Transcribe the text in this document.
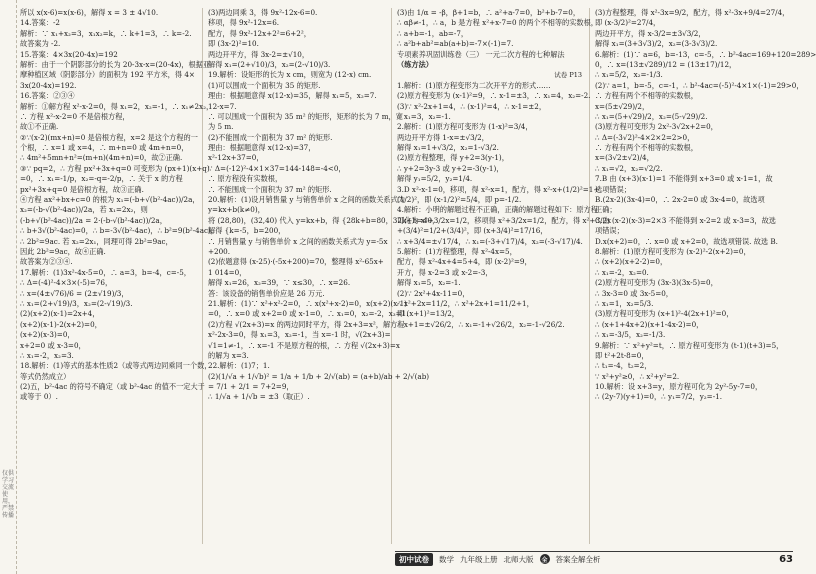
仅供学习交流使用，严禁传播
所以 x(x-6)=x(x-6)，解得 x = 3 ± 4√10.
14.答案：-2
解析：∵ x₁+x₂=3，x₁x₂=k，∴ k+1=3，∴ k=-2.
故答案为 -2.
15.答案：4×3x(20-4x)=192
解析：由于一个阴影部分的长为 20-3x-x=(20-4x)，根据亚
摩种植区域（阴影部分）的面积为 192 平方米，得 4×
3x(20-4x)=192.
16.答案：②③④
解析：①解方程 x²-x-2=0，得 x₁=2，x₂=-1，∴ x₁≠2x₂，
∴ 方程 x²-x-2=0 不是倍根方程，
故①不正确.
②∵(x-2)(mx+n)=0 是倍根方程，x=2 是这个方程的一
个根，∴ x=1 或 x=4，∴ m+n=0 或 4m+n=0，
∴ 4m²+5mn+n²=(m+n)(4m+n)=0，故②正确.
③∵ pq=2，∴ 方程 px²+3x+q=0 可变形为 (px+1)(x+q)
=0，∴ x₁=-1/p，x₂=-q=-2/p，∴ 关于 x 的方程
px²+3x+q=0 是倍根方程，故③正确.
④方程 ax²+bx+c=0 的根为 x₁=(-b+√(b²-4ac))/2a，
x₂=(-b-√(b²-4ac))/2a，若 x₁=2x₂，则
(-b+√(b²-4ac))/2a = 2·(-b-√(b²-4ac))/2a，
∴ b+3√(b²-4ac)=0，∴ b=-3√(b²-4ac)，∴ b²=9(b²-4ac)，
∴ 2b²=9ac. 若 x₂=2x₁，同理可得 2b²=9ac，
因此 2b²=9ac，故④正确.
故答案为②③④.
17.解析：(1)3x²-4x-5=0，∴ a=3，b=-4，c=-5，
∴ Δ=(-4)²-4×3×(-5)=76，
∴ x=(4±√76)/6 = (2±√19)/3，
∴ x₁=(2+√19)/3，x₂=(2-√19)/3.
(2)(x+2)(x-1)=2x+4，
(x+2)(x-1)-2(x+2)=0，
(x+2)(x-3)=0，
x+2=0 或 x-3=0，
∴ x₁=-2，x₂=3.
18.解析：(1)等式的基本性质2（或等式两边同乘同一个数，
等式仍然成立）
(2)五，b²-4ac 的符号不确定（或 b²-4ac 的值不一定大于
或等于 0）.
(3)两边同乘 3，得 9x²-12x-6=0.
移项，得 9x²-12x=6.
配方，得 9x²-12x+2²=6+2²，
即 (3x-2)²=10.
两边开平方，得 3x-2=±√10，
解得 x₁=(2+√10)/3，x₂=(2-√10)/3.
19.解析：设矩形的长为 x cm，则宽为 (12-x) cm.
(1)可以围成一个面积为 35 的矩形.
理由：根据题意得 x(12-x)=35，解得 x₁=5，x₂=7.
12-x=7.
∴ 可以围成一个面积为 35 m² 的矩形，矩形的长为 7 m，宽
为 5 m.
(2)不能围成一个面积为 37 m² 的矩形.
理由：根据题意得 x(12-x)=37，
x²-12x+37=0，
∵ Δ=(-12)²-4×1×37=144-148=-4<0，
∴ 原方程没有实数根，
∴ 不能围成一个面积为 37 m² 的矩形.
20.解析：(1)设月销售量 y 与销售单价 x 之间的函数关系式为
y=kx+b(k≠0)，
将 (28,80)，(32,40) 代入 y=kx+b，得 {28k+b=80，32k+b=40，
解得 {k=-5，b=200，
∴ 月销售量 y 与销售单价 x 之间的函数关系式为 y=-5x
+200.
(2)依题意得 (x-25)·(-5x+200)=70，整理得 x²-65x+
1 014=0，
解得 x₁=26，x₂=39，∵ x≤30，∴ x=26.
答：该设备的销售单价应是 26 万元.
21.解析：(1)∵ x²+x²-2=0，∴ x(x²+x-2)=0，x(x+2)(x-1)
=0，∴ x=0 或 x+2=0 或 x-1=0，∴ x₁=0，x₂=-2，x₃=1.
(2)方程 √(2x+3)=x 的两边同时平方，得 2x+3=x²，解方程
x²-2x-3=0，得 x₁=3，x₂=-1，当 x=-1 时，√(2x+3)=
√1=1≠-1，∴ x=-1 不是原方程的根，∴ 方程 √(2x+3)=x
的解为 x=3.
22.解析：(1)7；1.
(2)(1/√a + 1/√b)² = 1/a + 1/b + 2/√(ab) = (a+b)/ab + 2/√(ab)
= 7/1 + 2/1 = 7+2=9，
∴ 1/√a + 1/√b = ±3（取正）.
(3)由 1/α = -β，β+1=b，∴ a²+a-7=0，b²+b-7=0，
∴ αβ≠-1，∴ a，b 是方程 x²+x-7=0 的两个不相等的实数根，
∴ a+b=-1，ab=-7，
∴ a²b+ab²=ab(a+b)=-7×(-1)=7.
专项素养巩固训练卷（三） 一元二次方程的七种解法
（练方法）
试卷 P13
1.解析：(1)原方程变形为二次开平方的形式……
(2)原方程变形为 (x-1)²=9，∴ x-1=±3，∴ x₁=4，x₂=-2.
(3)∵ x²-2x+1=4，∴ (x-1)²=4，∴ x-1=±2，
∴ x₁=3，x₂=-1.
2.解析：(1)原方程可变形为 (1-x)²=3/4，
两边开平方得 1-x=±√3/2，
解得 x₁=1+√3/2，x₂=1-√3/2.
(2)原方程整理，得 y+2=3(y-1)，
∴ y+2=3y-3 或 y+2=-3(y-1)，
解得 y₁=5/2，y₂=1/4.
3.D x²-x-1=0，移项，得 x²-x=1，配方，得 x²-x+(1/2)²=1+
(1/2)²，即 (x-1/2)²=5/4，即 p=-1/2.
4.解析：小明的解题过程不正确，正确的解题过程如下：原方程
可化为 x²+3/2x=1/2，移项得 x²+3/2x=1/2，配方，得 x²+3/2x
+(3/4)²=1/2+(3/4)²，即 (x+3/4)²=17/16，
∴ x+3/4=±√17/4，∴ x₁=(-3+√17)/4，x₂=(-3-√17)/4.
5.解析：(1)方程整理，得 x²-4x=5，
配方，得 x²-4x+4=5+4，即 (x-2)²=9，
开方，得 x-2=3 或 x-2=-3，
解得 x₁=5，x₂=-1.
(2)∵ 2x²+4x-11=0，
∴ x²+2x=11/2，∴ x²+2x+1=11/2+1，
即 (x+1)²=13/2，
∴ x+1=±√26/2，∴ x₁=-1+√26/2，x₂=-1-√26/2.
(3)方程整理，得 x²-3x=9/2，配方，得 x²-3x+9/4=27/4，
即 (x-3/2)²=27/4，
两边开平方，得 x-3/2=±3√3/2，
解得 x₁=(3+3√3)/2，x₂=(3-3√3)/2.
6.解析：(1)∵ a=6，b=-13，c=-5，∴ b²-4ac=169+120=289>
0，∴ x=(13±√289)/12 = (13±17)/12，
∴ x₁=5/2，x₂=-1/3.
(2)∵ a=1，b=-5，c=-1，∴ b²-4ac=(-5)²-4×1×(-1)=29>0，
∴ 方程有两个不相等的实数根，
x=(5±√29)/2，
∴ x₁=(5+√29)/2，x₂=(5-√29)/2.
(3)原方程可变形为 2x²-3√2x+2=0，
∴ Δ=(-3√2)²-4×2×2=2>0，
∴ 方程有两个不相等的实数根，
x=(3√2±√2)/4，
∴ x₁=√2，x₂=√2/2.
7.B 由 (x+3)(x-1)=1 不能得到 x+3=0 或 x-1=1，故
选项错误；
B.(2x-2)(3x-4)=0，∴ 2x-2=0 或 3x-4=0，故选项
正确；
C.由 (x-2)(x-3)=2×3 不能得到 x-2=2 或 x-3=3，故选
项错误；
D.x(x+2)=0，∴ x=0 或 x+2=0，故选项错误. 故选 B.
8.解析：(1)原方程可变形为 (x-2)²-2(x+2)=0，
∴ (x+2)(x+2-2)=0，
∴ x₁=-2，x₂=0.
(2)原方程可变形为 (3x-3)(3x-5)=0，
∴ 3x-3=0 或 3x-5=0，
∴ x₁=1，x₂=5/3.
(3)原方程可变形为 (x+1)²-4(2x+1)²=0，
∴ (x+1+4x+2)(x+1-4x-2)=0，
∴ x₁=-3/5，x₂=-1/3.
9.解析：∵ x²+y²=t，∴ 原方程可变形为 (t-1)(t+3)=5，
即 t²+2t-8=0，
∴ t₁=-4，t₂=2，
∵ x²+y²≥0，∴ x²+y²=2.
10.解析：设 x+3=y，原方程可化为 2y²-5y-7=0，
∴ (2y-7)(y+1)=0，∴ y₁=7/2，y₂=-1.
初中试卷	数学 九年级上册 北师大版	全 答案全解全析	63
